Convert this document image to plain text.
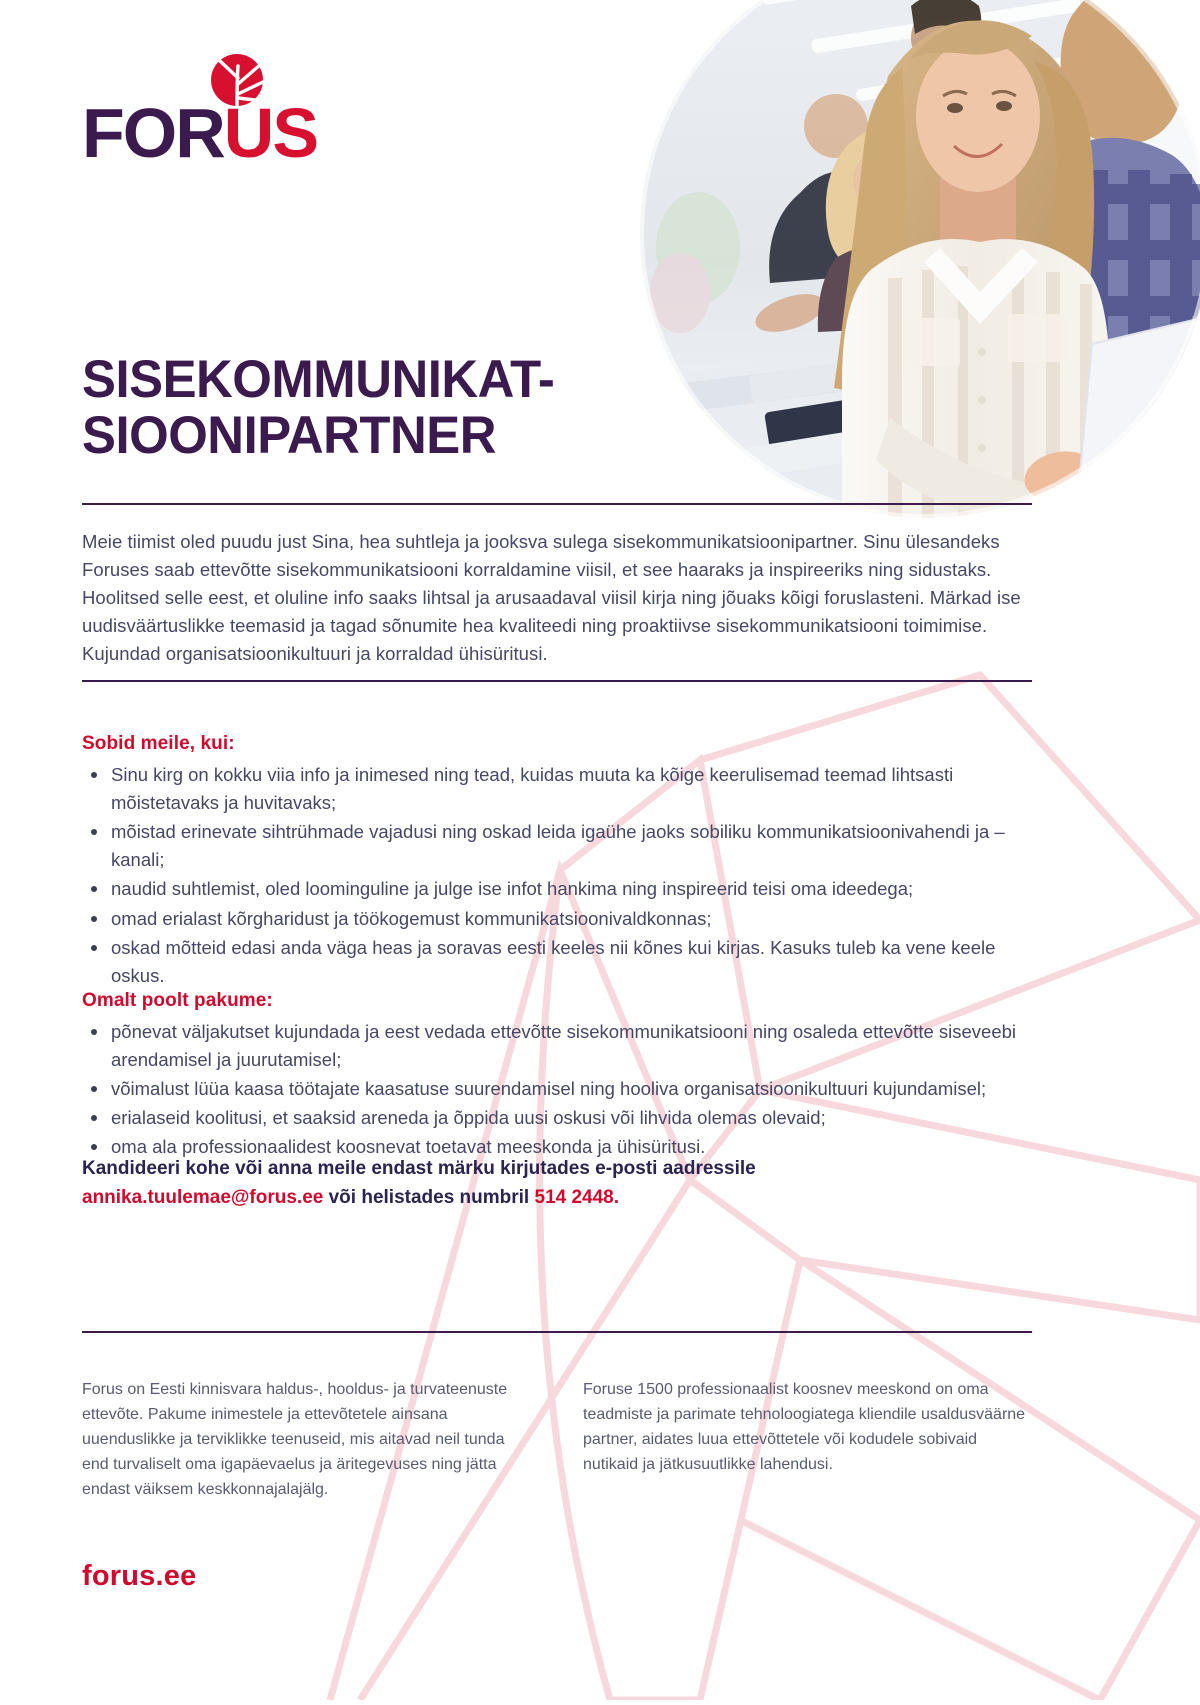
FORUS
SISEKOMMUNIKAT-SIOONIPARTNER

Meie tiimist oled puudu just Sina, hea suhtleja ja jooksva sulega sisekommunikatsioonipartner. Sinu ülesandeks Foruses saab ettevõtte sisekommunikatsiooni korraldamine viisil, et see haaraks ja inspireeriks ning sidustaks. Hoolitsed selle eest, et oluline info saaks lihtsal ja arusaadaval viisil kirja ning jõuaks kõigi foruslasteni. Märkad ise uudisväärtuslikke teemasid ja tagad sõnumite hea kvaliteedi ning proaktiivse sisekommunikatsiooni toimimise. Kujundad organisatsioonikultuuri ja korraldad ühisüritusi.

Sobid meile, kui:
Sinu kirg on kokku viia info ja inimesed ning tead, kuidas muuta ka kõige keerulisemad teemad lihtsasti mõistetavaks ja huvitavaks;
mõistad erinevate sihtrühmade vajadusi ning oskad leida igaühe jaoks sobiliku kommunikatsioonivahendi ja –kanali;
naudid suhtlemist, oled loominguline ja julge ise infot hankima ning inspireerid teisi oma ideedega;
omad erialast kõrgharidust ja töökogemust kommunikatsioonivaldkonnas;
oskad mõtteid edasi anda väga heas ja soravas eesti keeles nii kõnes kui kirjas. Kasuks tuleb ka vene keele oskus.
Omalt poolt pakume:
põnevat väljakutset kujundada ja eest vedada ettevõtte sisekommunikatsiooni ning osaleda ettevõtte siseveebi arendamisel ja juurutamisel;
võimalust lüüa kaasa töötajate kaasatuse suurendamisel ning hooliva organisatsioonikultuuri kujundamisel;
erialaseid koolitusi, et saaksid areneda ja õppida uusi oskusi või lihvida olemas olevaid;
oma ala professionaalidest koosnevat toetavat meeskonda ja ühisüritusi.
Kandideeri kohe või anna meile endast märku kirjutades e-posti aadressile
annika.tuulemae@forus.ee või helistades numbril 514 2448.
Forus on Eesti kinnisvara haldus-, hooldus- ja turvateenuste ettevõte. Pakume inimestele ja ettevõtetele ainsana uuenduslikke ja terviklikke teenuseid, mis aitavad neil tunda end turvaliselt oma igapäevaelus ja äritegevuses ning jätta endast väiksem keskkonnajalajälg.
Foruse 1500 professionaalist koosnev meeskond on oma teadmiste ja parimate tehnoloogiatega kliendile usaldusväärne partner, aidates luua ettevõttetele või kodudele sobivaid nutikaid ja jätkusuutlikke lahendusi.
forus.ee
